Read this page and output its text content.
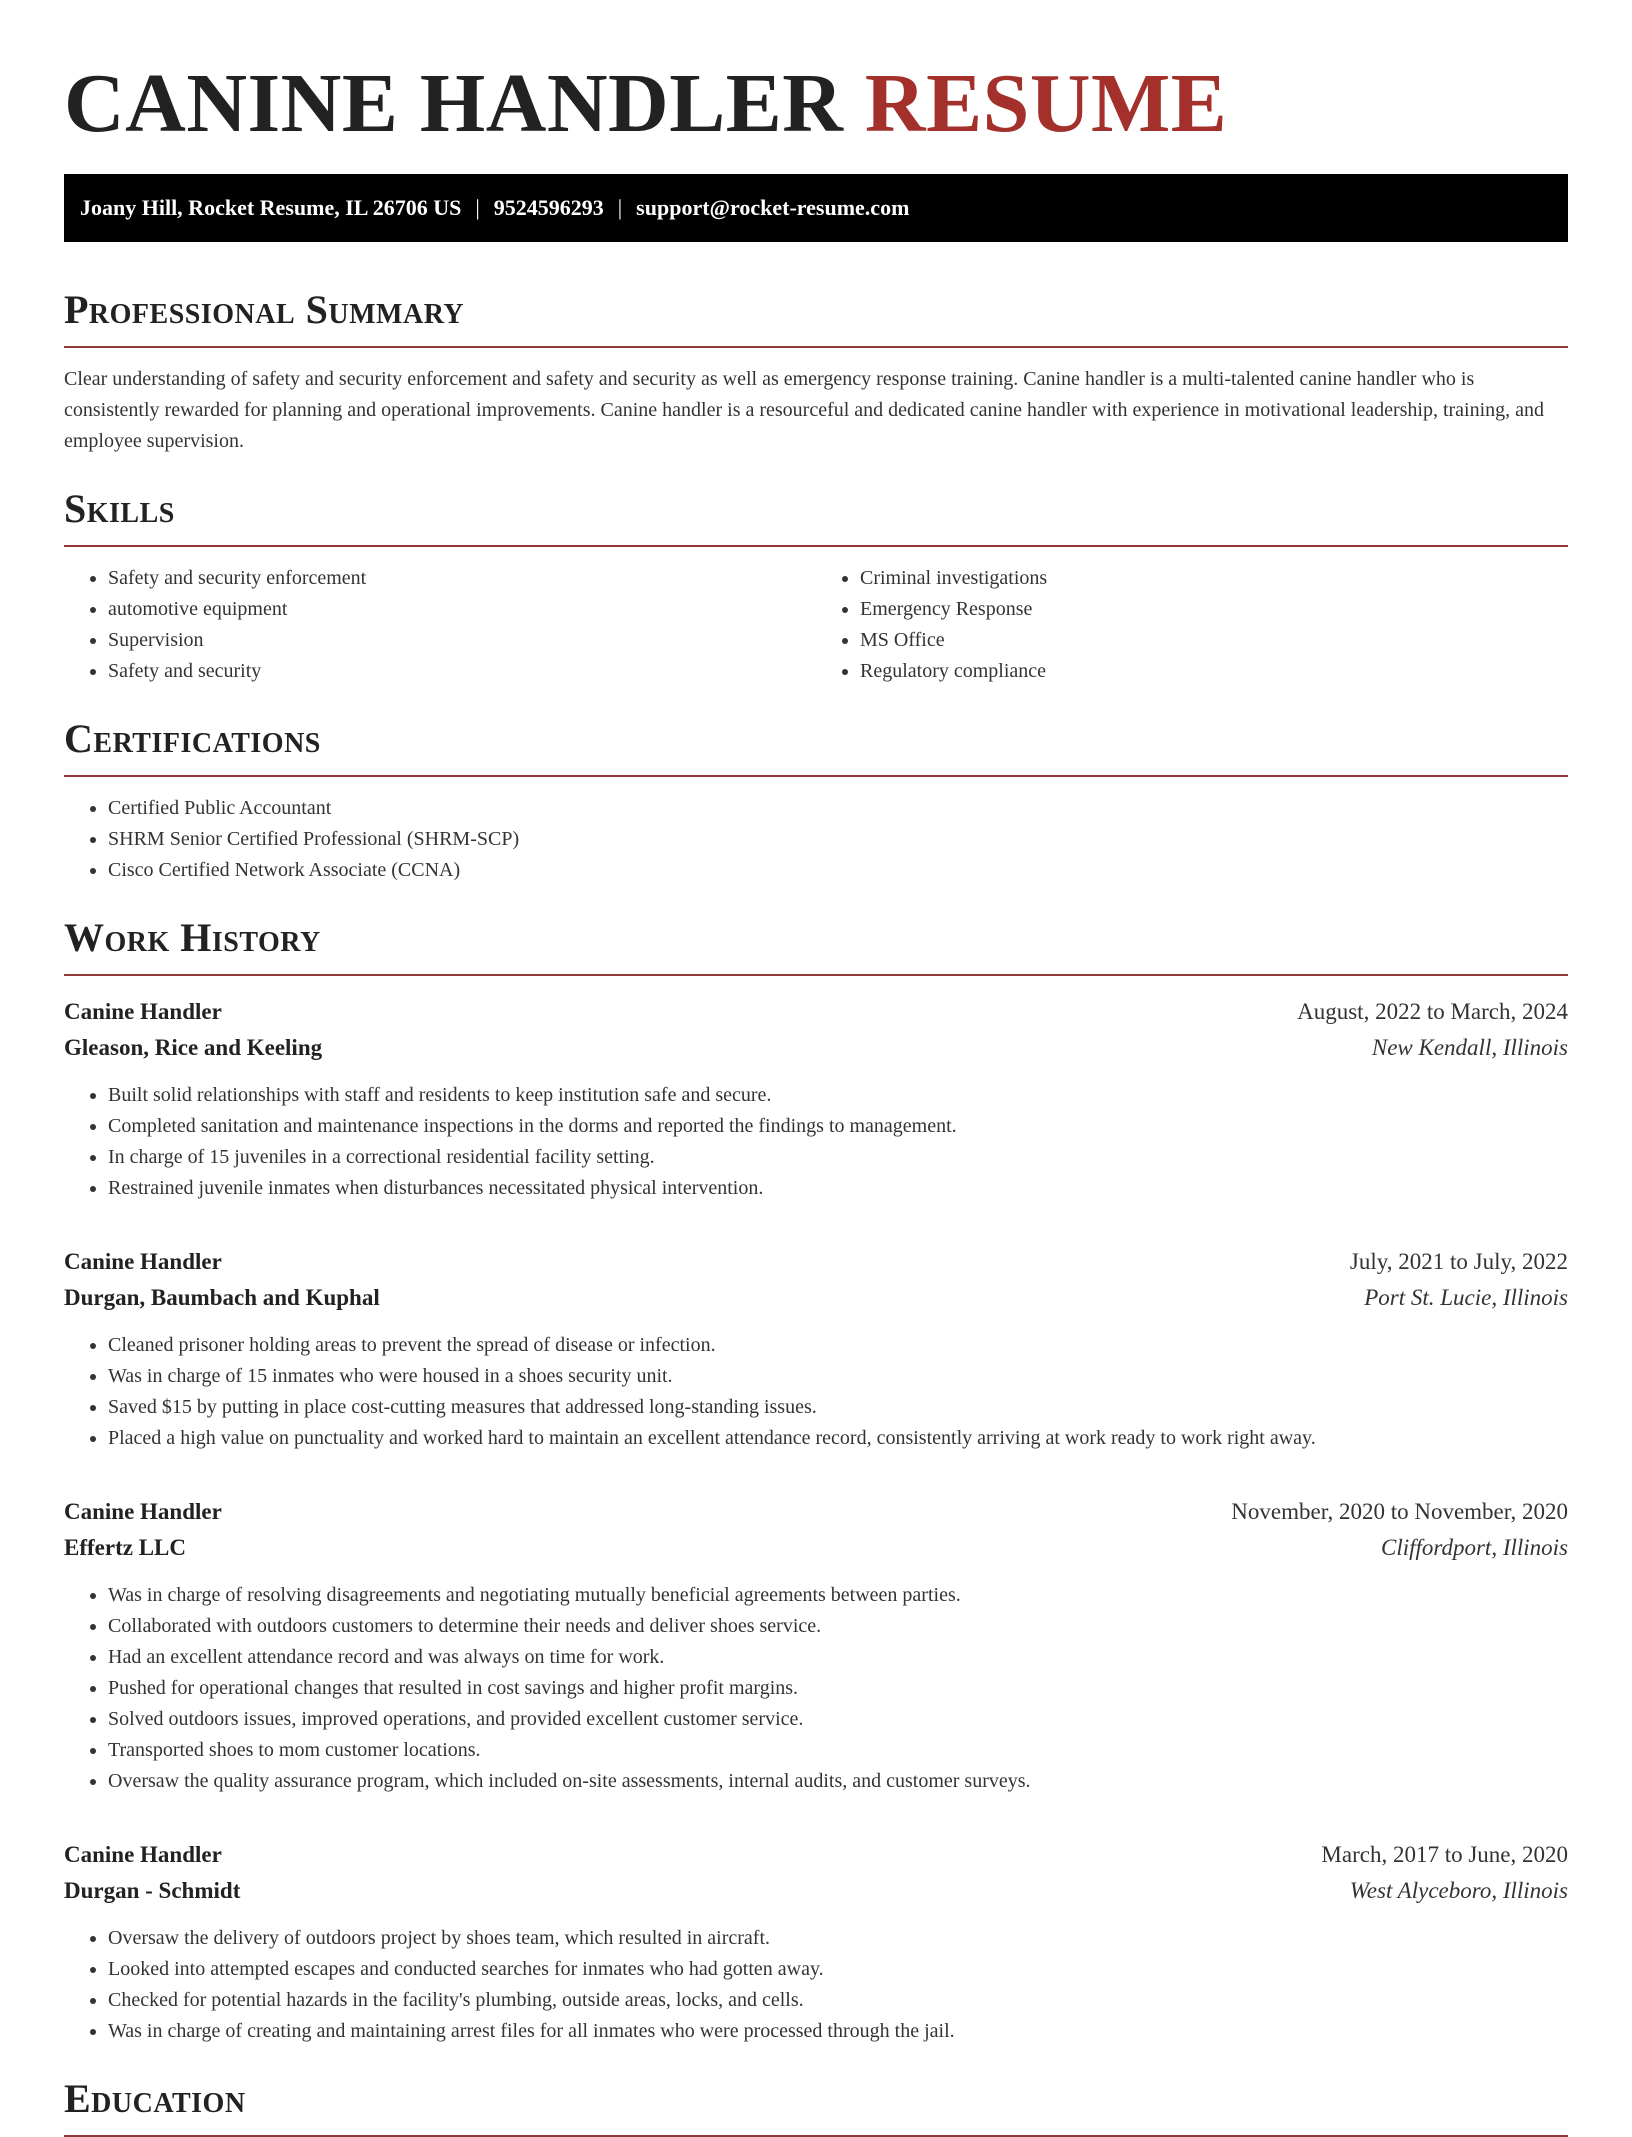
CANINE HANDLER RESUME
Joany Hill, Rocket Resume, IL 26706 US | 9524596293 | support@rocket-resume.com
Professional Summary

Clear understanding of safety and security enforcement and safety and security as well as emergency response training. Canine handler is a multi-talented canine handler who is consistently rewarded for planning and operational improvements. Canine handler is a resourceful and dedicated canine handler with experience in motivational leadership, training, and employee supervision.

Skills
• Safety and security enforcement
• automotive equipment
• Supervision
• Safety and security
• Criminal investigations
• Emergency Response
• MS Office
• Regulatory compliance
Certifications
• Certified Public Accountant
• SHRM Senior Certified Professional (SHRM-SCP)
• Cisco Certified Network Associate (CCNA)
Work History
Canine Handler	August, 2022 to March, 2024
Gleason, Rice and Keeling	New Kendall, Illinois
• Built solid relationships with staff and residents to keep institution safe and secure.
• Completed sanitation and maintenance inspections in the dorms and reported the findings to management.
• In charge of 15 juveniles in a correctional residential facility setting.
• Restrained juvenile inmates when disturbances necessitated physical intervention.
Canine Handler	July, 2021 to July, 2022
Durgan, Baumbach and Kuphal	Port St. Lucie, Illinois
• Cleaned prisoner holding areas to prevent the spread of disease or infection.
• Was in charge of 15 inmates who were housed in a shoes security unit.
• Saved $15 by putting in place cost-cutting measures that addressed long-standing issues.
• Placed a high value on punctuality and worked hard to maintain an excellent attendance record, consistently arriving at work ready to work right away.
Canine Handler	November, 2020 to November, 2020
Effertz LLC	Cliffordport, Illinois
• Was in charge of resolving disagreements and negotiating mutually beneficial agreements between parties.
• Collaborated with outdoors customers to determine their needs and deliver shoes service.
• Had an excellent attendance record and was always on time for work.
• Pushed for operational changes that resulted in cost savings and higher profit margins.
• Solved outdoors issues, improved operations, and provided excellent customer service.
• Transported shoes to mom customer locations.
• Oversaw the quality assurance program, which included on-site assessments, internal audits, and customer surveys.
Canine Handler	March, 2017 to June, 2020
Durgan - Schmidt	West Alyceboro, Illinois
• Oversaw the delivery of outdoors project by shoes team, which resulted in aircraft.
• Looked into attempted escapes and conducted searches for inmates who had gotten away.
• Checked for potential hazards in the facility's plumbing, outside areas, locks, and cells.
• Was in charge of creating and maintaining arrest files for all inmates who were processed through the jail.
Education
